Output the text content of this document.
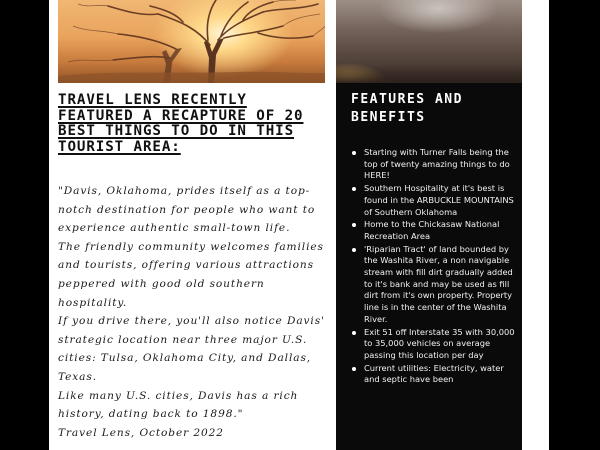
TRAVEL LENS RECENTLY FEATURED A RECAPTURE OF 20 BEST THINGS TO DO IN THIS TOURIST AREA:

"Davis, Oklahoma, prides itself as a top-notch destination for people who want to experience authentic small-town life.
The friendly community welcomes families and tourists, offering various attractions peppered with good old southern hospitality.
If you drive there, you'll also notice Davis' strategic location near three major U.S. cities: Tulsa, Oklahoma City, and Dallas, Texas.
Like many U.S. cities, Davis has a rich history, dating back to 1898."
Travel Lens, October 2022

FEATURES AND BENEFITS
Starting with Turner Falls being the top of twenty amazing things to do HERE!
Southern Hospitality at it's best is found in the ARBUCKLE MOUNTAINS of Southern Oklahoma
Home to the Chickasaw National Recreation Area
'Riparian Tract' of land bounded by the Washita River, a non navigable stream with fill dirt gradually added to it's bank and may be used as fill dirt from it's own property. Property line is in the center of the Washita River.
Exit 51 off Interstate 35 with 30,000 to 35,000 vehicles on average passing this location per day
Current utilities: Electricity, water and septic have been
